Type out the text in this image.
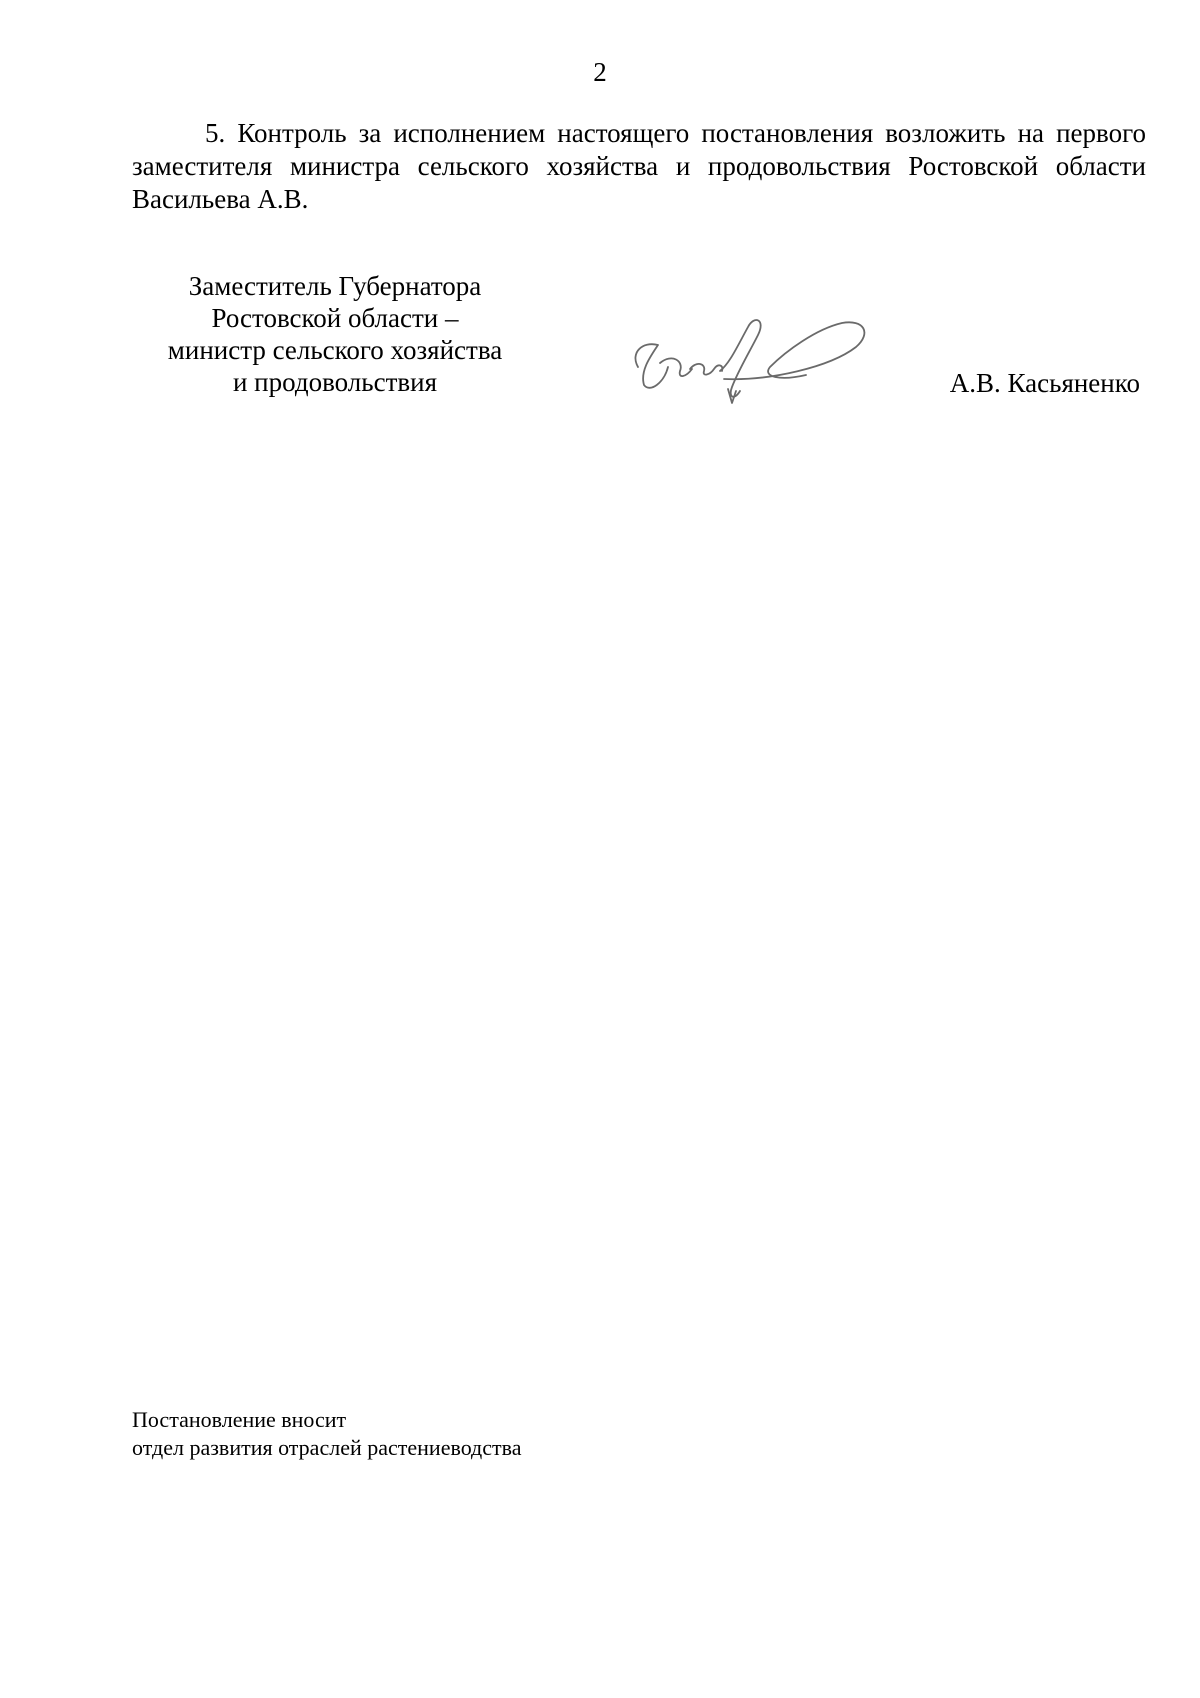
2

5. Контроль за исполнением настоящего постановления возложить на первого заместителя министра сельского хозяйства и продовольствия Ростовской области Васильева А.В.

Заместитель Губернатора
Ростовской области –
министр сельского хозяйства
и продовольствия	А.В. Касьяненко
Постановление вносит
отдел развития отраслей растениеводства
